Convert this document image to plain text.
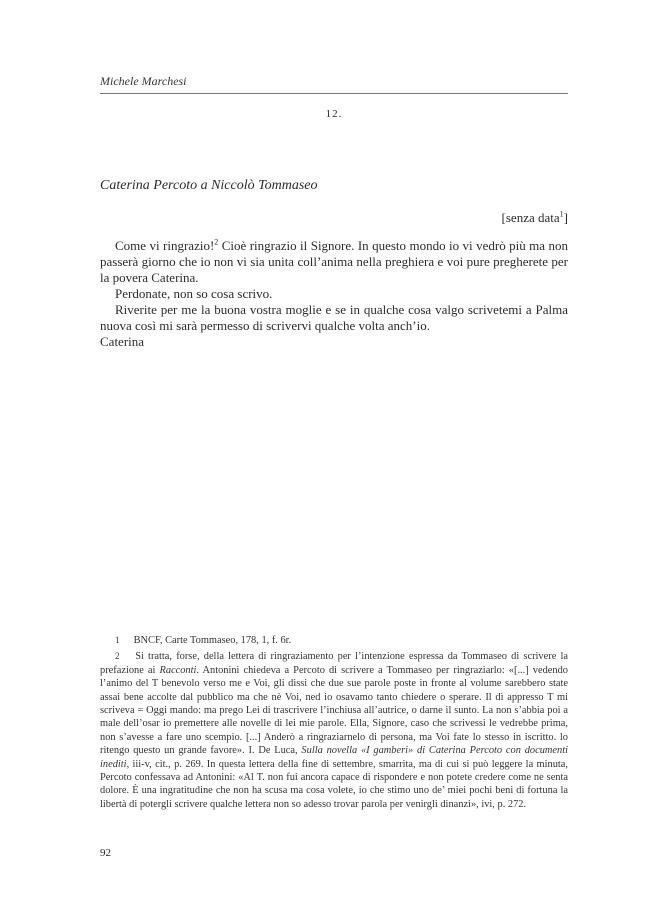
Michele Marchesi
12.
Caterina Percoto a Niccolò Tommaseo
[senza data$^1$]

Come vi ringrazio!$^2$ Cioè ringrazio il Signore. In questo mondo io vi vedrò più ma non passerà giorno che io non vi sia unita coll’anima nella preghiera e voi pure pregherete per la povera Caterina.

Perdonate, non so cosa scrivo.

Riverite per me la buona vostra moglie e se in qualche cosa valgo scrivetemi a Palma nuova così mi sarà permesso di scrivervi qualche volta anch’io.

Caterina

1 BNCF, Carte Tommaseo, 178, 1, f. 6r.

2 Si tratta, forse, della lettera di ringraziamento per l’intenzione espressa da Tommaseo di scrivere la prefazione ai Racconti. Antonini chiedeva a Percoto di scrivere a Tommaseo per ringraziarlo: «[...] vedendo l’animo del T benevolo verso me e Voi, gli dissi che due sue parole poste in fronte al volume sarebbero state assai bene accolte dal pubblico ma che nè Voi, ned io osavamo tanto chiedere o sperare. Il dì appresso T mi scriveva = Oggi mando: ma prego Lei di trascrivere l’inchiusa all’autrice, o darne il sunto. La non s’abbia poi a male dell’osar io premettere alle novelle di lei mie parole. Ella, Signore, caso che scrivessi le vedrebbe prima, non s’avesse a fare uno scempio. [...] Anderò a ringraziarnelo di persona, ma Voi fate lo stesso in iscritto. lo ritengo questo un grande favore». I. De Luca, Sulla novella «I gamberi» di Caterina Percoto con documenti inediti, iii-v, cit., p. 269. In questa lettera della fine di settembre, smarrita, ma di cui si può leggere la minuta, Percoto confessava ad Antonini: «Al T. non fui ancora capace di rispondere e non potete credere come ne senta dolore. È una ingratitudine che non ha scusa ma cosa volete, io che stimo uno de’ miei pochi beni di fortuna la libertà di potergli scrivere qualche lettera non so adesso trovar parola per venirgli dinanzi», ivi, p. 272.

92
